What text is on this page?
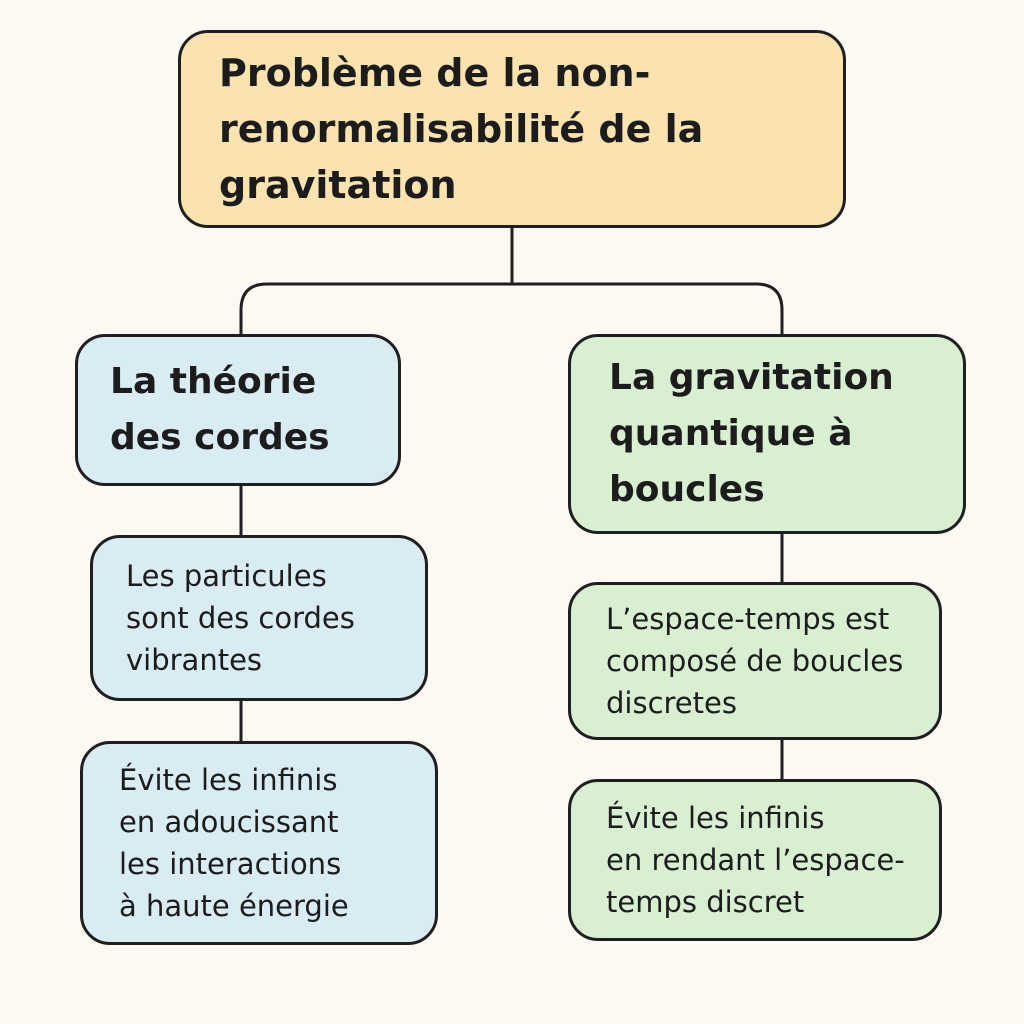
Problème de la non-
renormalisabilité de la
gravitation
La théorie
des cordes
La gravitation
quantique à
boucles
Les particules
sont des cordes
vibrantes
Évite les infinis
en adoucissant
les interactions
à haute énergie
L’espace-temps est
composé de boucles
discretes
Évite les infinis
en rendant l’espace-
temps discret
